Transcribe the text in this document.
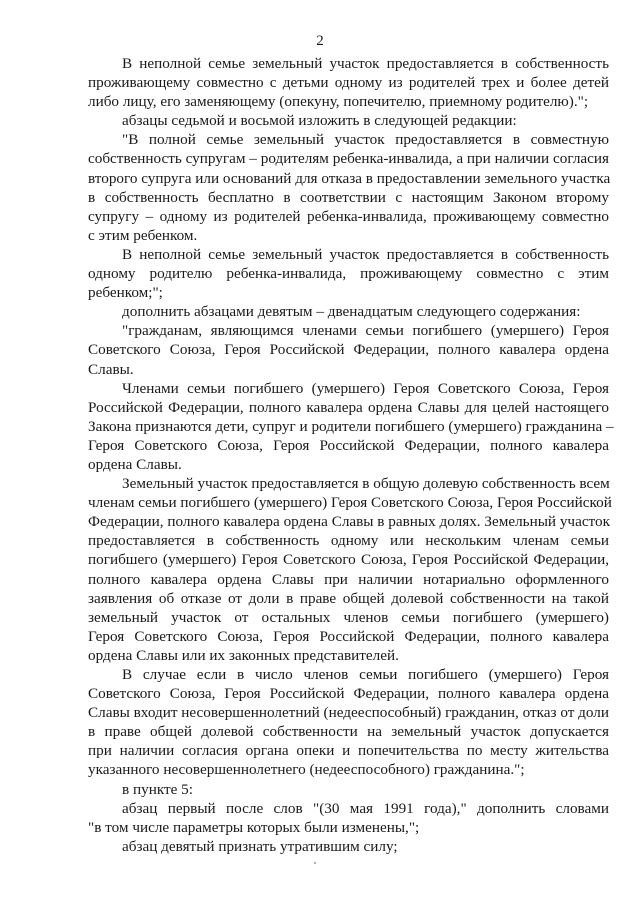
2
В неполной семье земельный участок предоставляется в собственность
проживающему совместно с детьми одному из родителей трех и более детей
либо лицу, его заменяющему (опекуну, попечителю, приемному родителю).";
абзацы седьмой и восьмой изложить в следующей редакции:
"В полной семье земельный участок предоставляется в совместную
собственность супругам – родителям ребенка-инвалида, а при наличии согласия
второго супруга или оснований для отказа в предоставлении земельного участка
в собственность бесплатно в соответствии с настоящим Законом второму
супругу – одному из родителей ребенка-инвалида, проживающему совместно
с этим ребенком.
В неполной семье земельный участок предоставляется в собственность
одному родителю ребенка-инвалида, проживающему совместно с этим
ребенком;";
дополнить абзацами девятым – двенадцатым следующего содержания:
"гражданам, являющимся членами семьи погибшего (умершего) Героя
Советского Союза, Героя Российской Федерации, полного кавалера ордена
Славы.
Членами семьи погибшего (умершего) Героя Советского Союза, Героя
Российской Федерации, полного кавалера ордена Славы для целей настоящего
Закона признаются дети, супруг и родители погибшего (умершего) гражданина –
Героя Советского Союза, Героя Российской Федерации, полного кавалера
ордена Славы.
Земельный участок предоставляется в общую долевую собственность всем
членам семьи погибшего (умершего) Героя Советского Союза, Героя Российской
Федерации, полного кавалера ордена Славы в равных долях. Земельный участок
предоставляется в собственность одному или нескольким членам семьи
погибшего (умершего) Героя Советского Союза, Героя Российской Федерации,
полного кавалера ордена Славы при наличии нотариально оформленного
заявления об отказе от доли в праве общей долевой собственности на такой
земельный участок от остальных членов семьи погибшего (умершего)
Героя Советского Союза, Героя Российской Федерации, полного кавалера
ордена Славы или их законных представителей.
В случае если в число членов семьи погибшего (умершего) Героя
Советского Союза, Героя Российской Федерации, полного кавалера ордена
Славы входит несовершеннолетний (недееспособный) гражданин, отказ от доли
в праве общей долевой собственности на земельный участок допускается
при наличии согласия органа опеки и попечительства по месту жительства
указанного несовершеннолетнего (недееспособного) гражданина.";
в пункте 5:
абзац первый после слов "(30 мая 1991 года)," дополнить словами
"в том числе параметры которых были изменены,";
абзац девятый признать утратившим силу;
